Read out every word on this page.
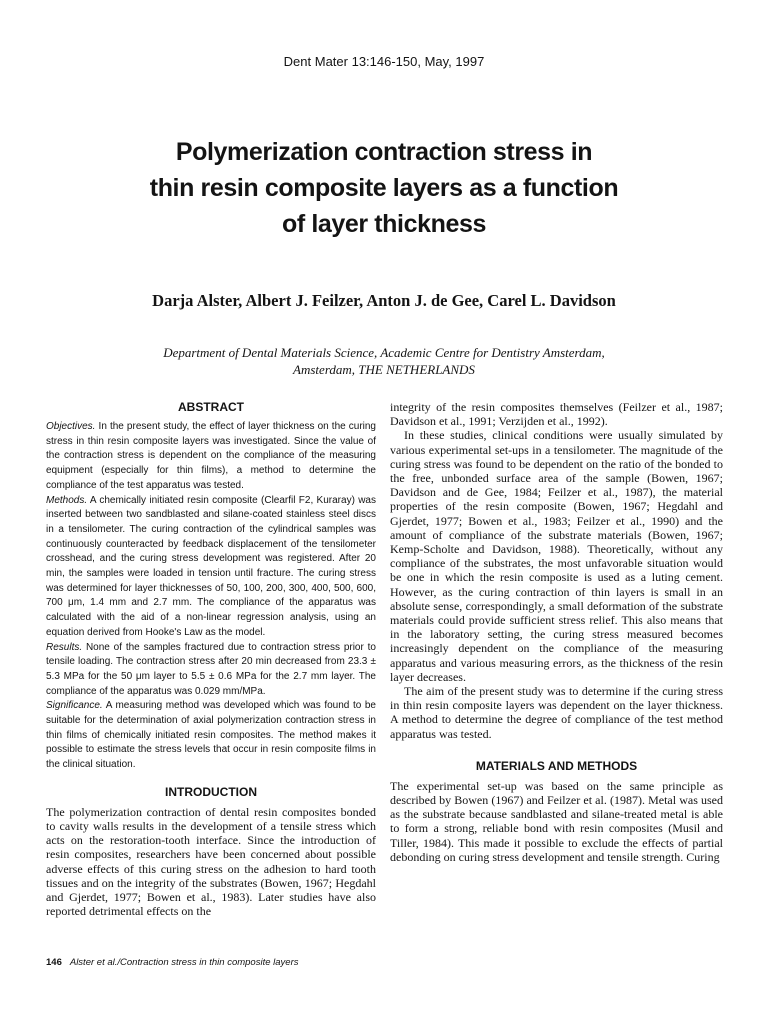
Dent Mater 13:146-150, May, 1997
Polymerization contraction stress in
thin resin composite layers as a function
of layer thickness
Darja Alster, Albert J. Feilzer, Anton J. de Gee, Carel L. Davidson
Department of Dental Materials Science, Academic Centre for Dentistry Amsterdam,
Amsterdam, THE NETHERLANDS
ABSTRACT

Objectives. In the present study, the effect of layer thickness on the curing stress in thin resin composite layers was investigated. Since the value of the contraction stress is dependent on the compliance of the measuring equipment (especially for thin films), a method to determine the compliance of the test apparatus was tested.

Methods. A chemically initiated resin composite (Clearfil F2, Kuraray) was inserted between two sandblasted and silane-coated stainless steel discs in a tensilometer. The curing contraction of the cylindrical samples was continuously counteracted by feedback displacement of the tensilometer crosshead, and the curing stress development was registered. After 20 min, the samples were loaded in tension until fracture. The curing stress was determined for layer thicknesses of 50, 100, 200, 300, 400, 500, 600, 700 μm, 1.4 mm and 2.7 mm. The compliance of the apparatus was calculated with the aid of a non-linear regression analysis, using an equation derived from Hooke's Law as the model.

Results. None of the samples fractured due to contraction stress prior to tensile loading. The contraction stress after 20 min decreased from 23.3 ± 5.3 MPa for the 50 μm layer to 5.5 ± 0.6 MPa for the 2.7 mm layer. The compliance of the apparatus was 0.029 mm/MPa.

Significance. A measuring method was developed which was found to be suitable for the determination of axial polymerization contraction stress in thin films of chemically initiated resin composites. The method makes it possible to estimate the stress levels that occur in resin composite films in the clinical situation.

INTRODUCTION

The polymerization contraction of dental resin composites bonded to cavity walls results in the development of a tensile stress which acts on the restoration-tooth interface. Since the introduction of resin composites, researchers have been concerned about possible adverse effects of this curing stress on the adhesion to hard tooth tissues and on the integrity of the substrates (Bowen, 1967; Hegdahl and Gjerdet, 1977; Bowen et al., 1983). Later studies have also reported detrimental effects on the

integrity of the resin composites themselves (Feilzer et al., 1987; Davidson et al., 1991; Verzijden et al., 1992).

In these studies, clinical conditions were usually simulated by various experimental set-ups in a tensilometer. The magnitude of the curing stress was found to be dependent on the ratio of the bonded to the free, unbonded surface area of the sample (Bowen, 1967; Davidson and de Gee, 1984; Feilzer et al., 1987), the material properties of the resin composite (Bowen, 1967; Hegdahl and Gjerdet, 1977; Bowen et al., 1983; Feilzer et al., 1990) and the amount of compliance of the substrate materials (Bowen, 1967; Kemp-Scholte and Davidson, 1988). Theoretically, without any compliance of the substrates, the most unfavorable situation would be one in which the resin composite is used as a luting cement. However, as the curing contraction of thin layers is small in an absolute sense, correspondingly, a small deformation of the substrate materials could provide sufficient stress relief. This also means that in the laboratory setting, the curing stress measured becomes increasingly dependent on the compliance of the measuring apparatus and various measuring errors, as the thickness of the resin layer decreases.

The aim of the present study was to determine if the curing stress in thin resin composite layers was dependent on the layer thickness. A method to determine the degree of compliance of the test method apparatus was tested.

MATERIALS AND METHODS

The experimental set-up was based on the same principle as described by Bowen (1967) and Feilzer et al. (1987). Metal was used as the substrate because sandblasted and silane-treated metal is able to form a strong, reliable bond with resin composites (Musil and Tiller, 1984). This made it possible to exclude the effects of partial debonding on curing stress development and tensile strength. Curing

146 Alster et al./Contraction stress in thin composite layers
